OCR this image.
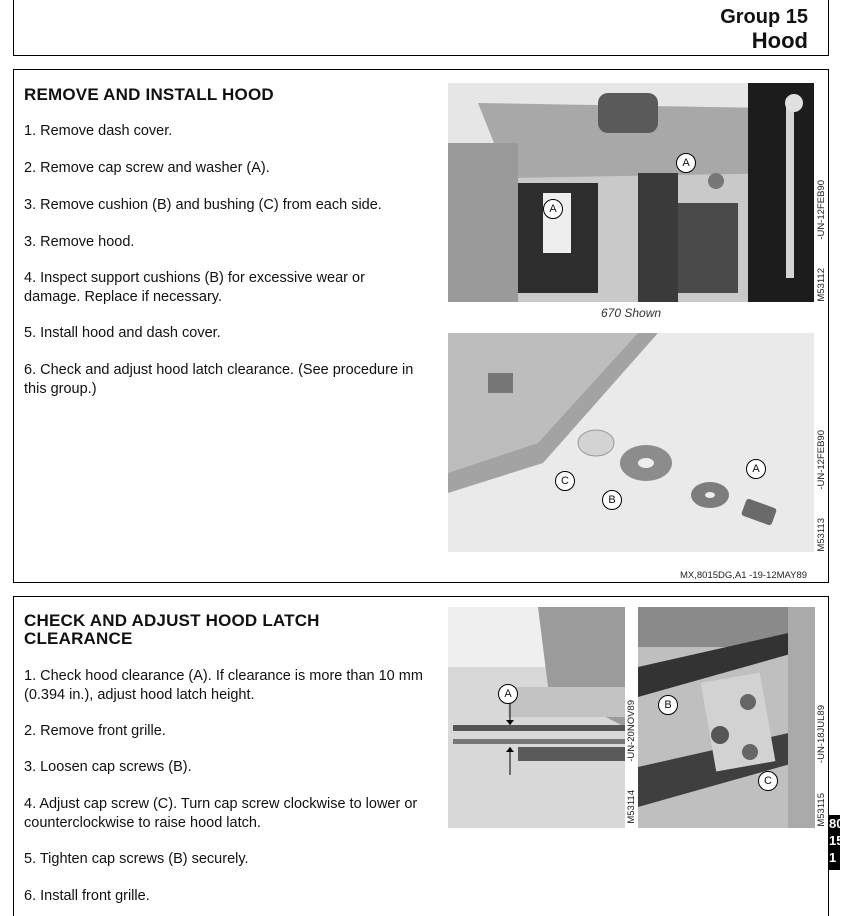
Group 15
Hood
REMOVE AND INSTALL HOOD
1. Remove dash cover.
2. Remove cap screw and washer (A).
3. Remove cushion (B) and bushing (C) from each side.
3. Remove hood.
4. Inspect support cushions (B) for excessive wear or damage. Replace if necessary.
5. Install hood and dash cover.
6. Check and adjust hood latch clearance. (See procedure in this group.)
A
A	-UN-12FEB90
M53112
670 Shown
A
B
C	-UN-12FEB90
M53113
MX,8015DG,A1 -19-12MAY89
CHECK AND ADJUST HOOD LATCH CLEARANCE
1. Check hood clearance (A). If clearance is more than 10 mm (0.394 in.), adjust hood latch height.
2. Remove front grille.
3. Loosen cap screws (B).
4. Adjust cap screw (C). Turn cap screw clockwise to lower or counterclockwise to raise hood latch.
5. Tighten cap screws (B) securely.
6. Install front grille.
A
-UN-20NOV89
M53114
B
C
-UN-18JUL89
M53115 80
15
1
